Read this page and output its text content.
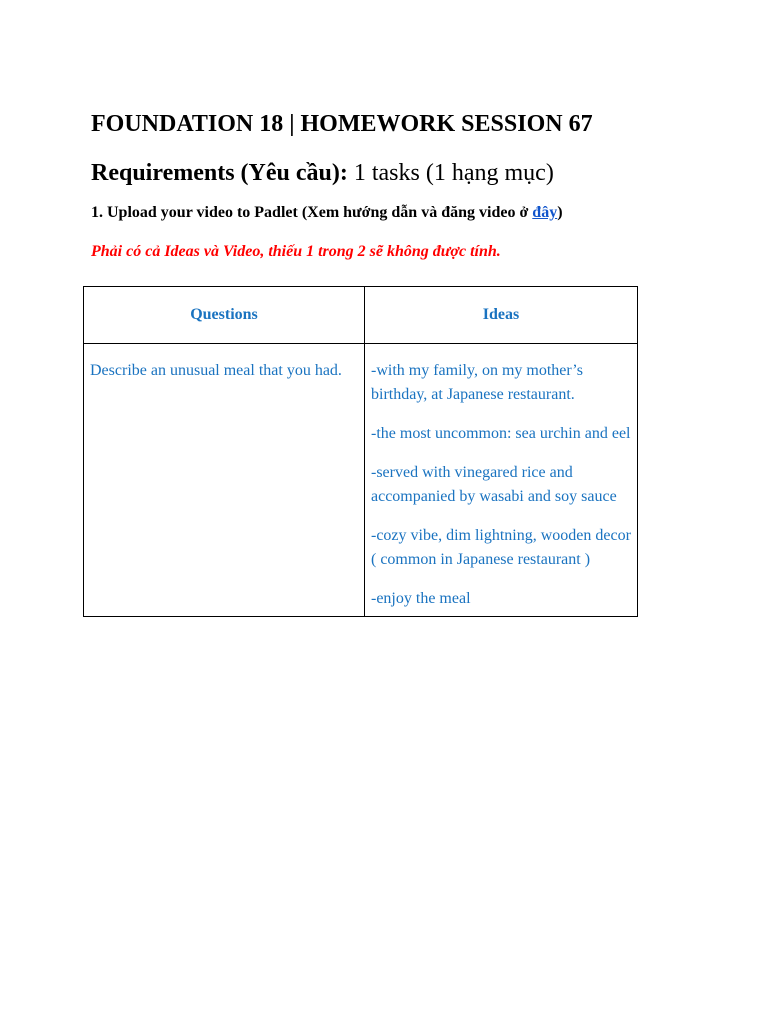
FOUNDATION 18 | HOMEWORK SESSION 67

Requirements (Yêu cầu): 1 tasks (1 hạng mục)

1. Upload your video to Padlet (Xem hướng dẫn và đăng video ở đây)

Phải có cả Ideas và Video, thiếu 1 trong 2 sẽ không được tính.

Questions	Ideas

Describe an unusual meal that you had.	-with my family, on my mother’s birthday, at Japanese restaurant.

-the most uncommon: sea urchin and eel

-served with vinegared rice and accompanied by wasabi and soy sauce

-cozy vibe, dim lightning, wooden decor ( common in Japanese restaurant )

-enjoy the meal
